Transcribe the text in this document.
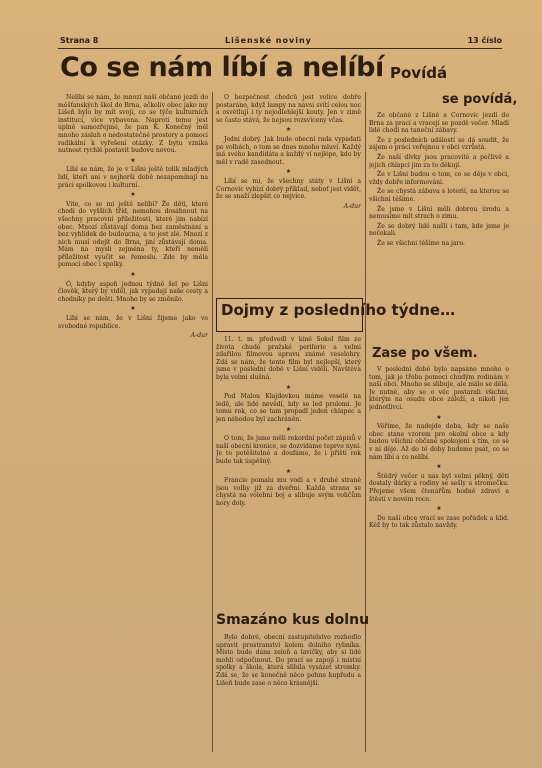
Strana 8	Lišenské noviny	13 číslo
Co se nám líbí a nelíbí Povídá
se povídá,

Nelíbí se nám, že mnozí naši občané jezdí do měšťanských škol do Brna, ačkoliv obec jako my Lišeň bylo by mít svoji, co se týče kulturních institucí, více vybavena. Naproti tomu jest úplně samozřejmé, že pan K. Konečný měl mnoho zásluh o nedostatečné prostory a pomoci radikální k vyřešení otázky. Z bytu vzniká nutnost rychlé postavit budovu novou.

★

Líbí se nám, že je v Lišni ještě tolik mladých lidí, kteří ani v nejhorší době nezapomínají na práci spolkovou i kulturní.

★

Vite, co se mi ještě nelíbí? Že děti, které chodí do vyšších tříd, nemohou dosáhnout na všechny pracovní příležitosti, které jim nabízí obec. Mnozí zůstávají doma bez zaměstnání a bez vyhlídek do budoucna, a to jest zlé. Mnozí z nich musí odejít do Brna, jiní zůstávají doma. Mám na mysli zejména ty, kteří neměli příležitost vyučit se řemeslu. Zde by měla pomoci obec i spolky.

★

Ó, kdyby aspoň jednou týdně šel po Lišni člověk, který by viděl, jak vypadají naše cesty a chodníky po dešti. Mnoho by se změnilo.

★

Líbí se nám, že v Lišni žijeme jako ve svobodné republice.

A-dur

O bezpečnost chodců jest velice dobře postaráno, když lampy na návsi svítí celou noc a osvětlují i ty nejodlehlejší kouty. Jen v zimě se často stává, že nejsou rozsvíceny včas.

★

Jedni dobrý. Jak bude obecní rada vypadati po volbách, o tom se dnes mnoho mluví. Každý má svého kandidáta a každý ví nejlépe, kdo by měl v radě zasednout.

★

Líbí se mi, že všechny státy v Lišni a Cornovic vybízí dobrý příklad, neboť jest vidět, že se snaží zlepšit co nejvíce.

A-dur
Dojmy z posledního týdne…

11. t. m. předvedl v kině Sokol film ze života chudé pražské periferie a velmi zdařilou filmovou úpravu známé veselohry. Zdá se nám, že tento film byl nejlepší, který jsme v poslední době v Lišni viděli. Návštěva byla velmi slušná.

★

Pod Malou Klajdovkou máme veselé na ledě, ale lidé nevědí, kdy se led prolomí. Je tomu rok, co se tam propadl jeden chlapec a jen náhodou byl zachráněn.

★

O tom, že jsme měli rekordní počet zápisů v naší obecní kronice, se dozvídáme teprve nyní. Je to potěšitelné a doufáme, že i příští rok bude tak úspěšný.

★

Francie pomalu mu vodí a v druhé straně jsou volby již za dveřmi. Každá strana se chystá na volební boj a slibuje svým voličům hory doly.

Smazáno kus dolnu

Bylo dobré, obecní zastupitelstvo rozhodlo upravit prostranství kolem dolního rybníka. Místo bude dána zeleň a lavičky, aby si lidé mohli odpočinout. Do prací se zapojí i místní spolky a škola, která slíbila vysázet stromky. Zdá se, že se konečně něco pohne kupředu a Lišeň bude zase o něco krásnější.

Že občané z Lišně a Cornovic jezdí do Brna za prací a vracejí se pozdě večer. Mladí lidé chodí na taneční zábavy.

Že z posledních událostí se dá soudit, že zájem o práci veřejnou v obci vzrůstá.

Že naší dívky jsou pracovité a pečlivé a jejich chlapci jim za to děkují.

Že v Lišni budou o tom, co se děje v obci, vždy dobře informováni.

Že se chystá zábava s loterií, na kterou se všichni těšíme.

Že jsme v Lišni měli dobrou úrodu a nemusíme mít strach o zimu.

Že se dobrý lidé našli i tam, kde jsme je nečekali.

Že se všichni těšíme na jaro.

Zase po všem.

V poslední době bylo napsáno mnoho o tom, jak je třeba pomoci chudým rodinám v naší obci. Mnoho se slibuje, ale málo se dělá. Je nutné, aby se o věc postarali všichni, kterým na osudu obce záleží, a nikoli jen jednotlivci.

★

Věříme, že nadejde doba, kdy se naše obec stane vzorem pro okolní obce a kdy budou všichni občané spokojeni s tím, co se v ní děje. Až do té doby budeme psát, co se nám líbí a co nelíbí.

★

Štědrý večer u nás byl velmi pěkný, děti dostaly dárky a rodiny se sešly u stromečku. Přejeme všem čtenářům hodně zdraví a štěstí v novém roce.

★

Do naší obce vrací se zase pořádek a klid. Kéž by to tak zůstalo navždy.
